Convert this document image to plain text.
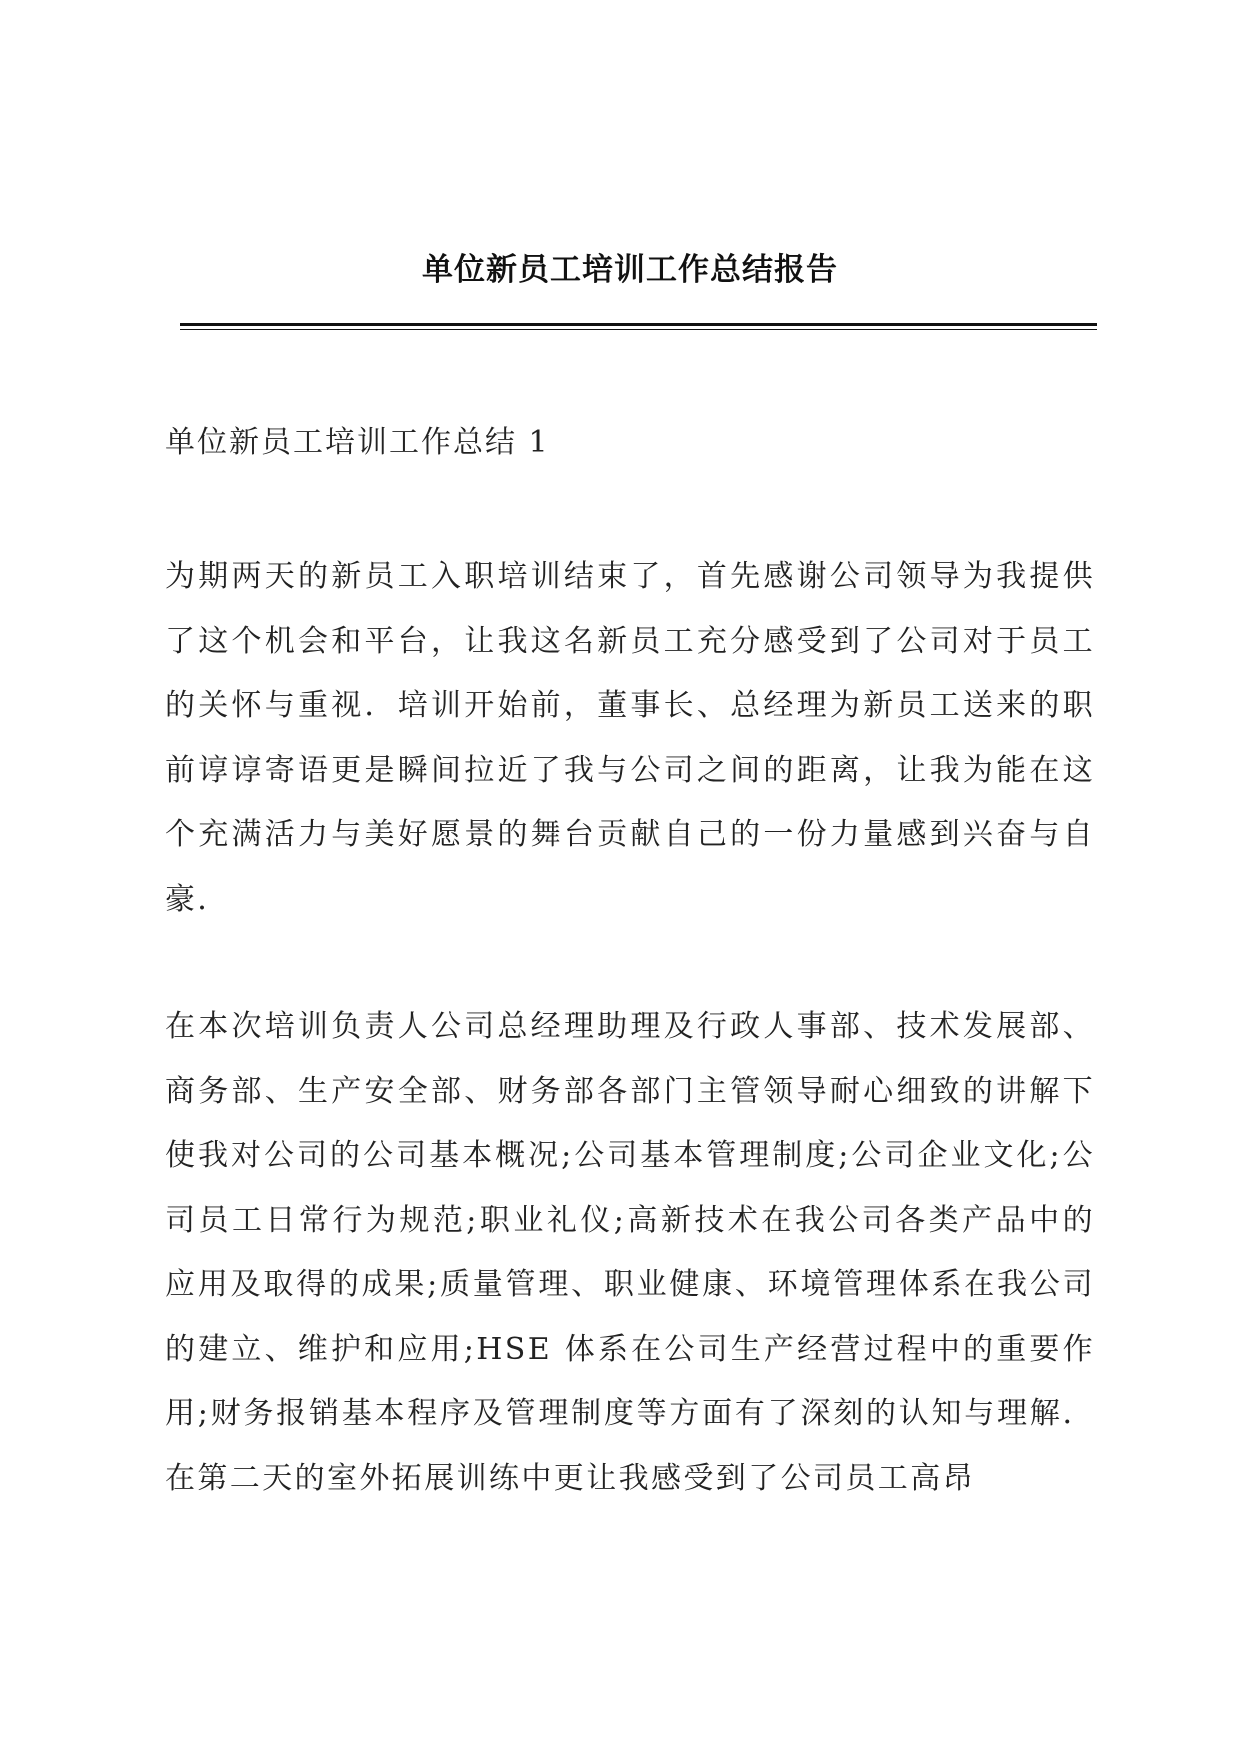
单位新员工培训工作总结报告
单位新员工培训工作总结 1

为期两天的新员工入职培训结束了，首先感谢公司领导为我提供了这个机会和平台，让我这名新员工充分感受到了公司对于员工的关怀与重视．培训开始前，董事长、总经理为新员工送来的职前谆谆寄语更是瞬间拉近了我与公司之间的距离，让我为能在这个充满活力与美好愿景的舞台贡献自己的一份力量感到兴奋与自豪．

在本次培训负责人公司总经理助理及行政人事部、技术发展部、商务部、生产安全部、财务部各部门主管领导耐心细致的讲解下使我对公司的公司基本概况;公司基本管理制度;公司企业文化;公司员工日常行为规范;职业礼仪;高新技术在我公司各类产品中的应用及取得的成果;质量管理、职业健康、环境管理体系在我公司的建立、维护和应用;HSE 体系在公司生产经营过程中的重要作用;财务报销基本程序及管理制度等方面有了深刻的认知与理解．在第二天的室外拓展训练中更让我感受到了公司员工高昂
